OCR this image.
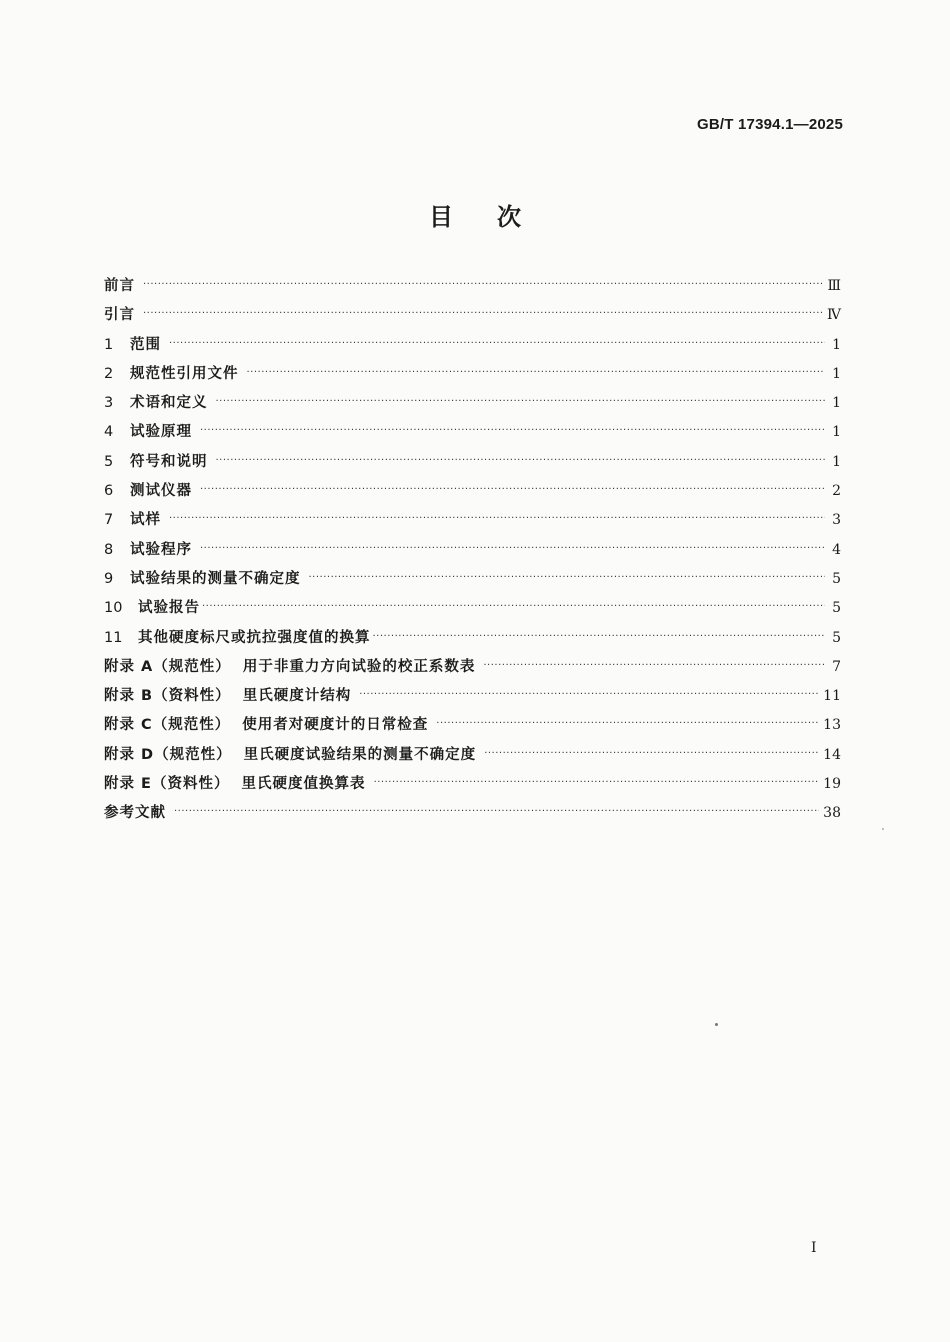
GB/T 17394.1—2025
目 次
前言 ·····	Ⅲ
引言 ·····	Ⅳ
1	范围 ·····	1
2	规范性引用文件 ·····	1
3	术语和定义 ·····	1
4	试验原理 ·····	1
5	符号和说明 ·····	1
6	测试仪器 ·····	2
7	试样 ·····	3
8	试验程序 ·····	4
9	试验结果的测量不确定度 ·····	5
10	试验报告 ·····	5
11	其他硬度标尺或抗拉强度值的换算 ·····	5
附录 A（规范性）  用于非重力方向试验的校正系数表 ·····	7
附录 B（资料性）  里氏硬度计结构 ·····	11
附录 C（规范性）  使用者对硬度计的日常检查 ·····	13
附录 D（规范性）  里氏硬度试验结果的测量不确定度 ·····	14
附录 E（资料性）  里氏硬度值换算表 ·····	19
参考文献 ·····	38
I
